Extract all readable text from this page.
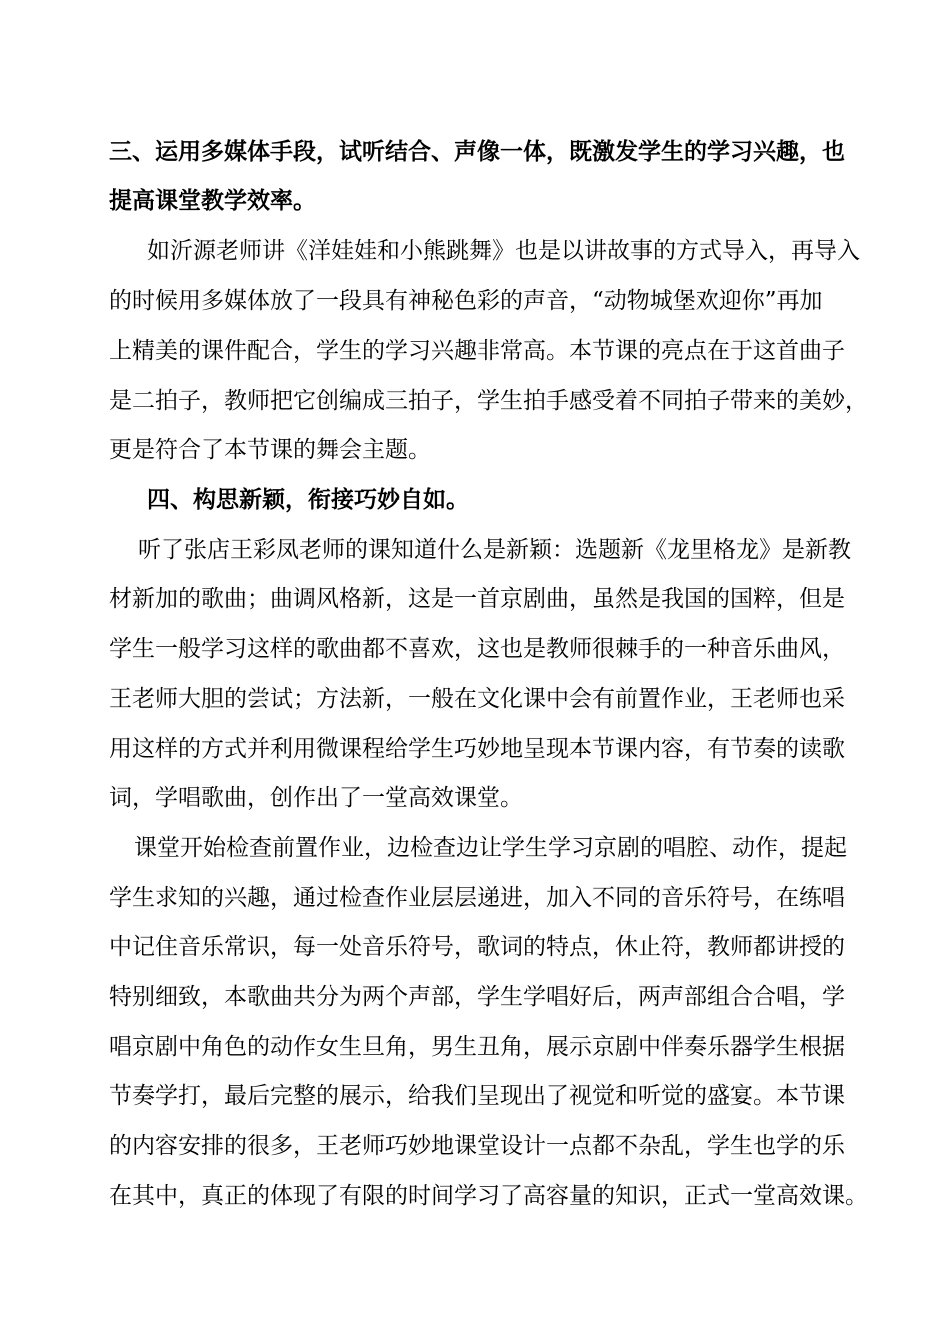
三、运用多媒体手段，试听结合、声像一体，既激发学生的学习兴趣，也
提高课堂教学效率。
如沂源老师讲《洋娃娃和小熊跳舞》也是以讲故事的方式导入，再导入
的时候用多媒体放了一段具有神秘色彩的声音，“动物城堡欢迎你”再加
上精美的课件配合，学生的学习兴趣非常高。本节课的亮点在于这首曲子
是二拍子，教师把它创编成三拍子，学生拍手感受着不同拍子带来的美妙，
更是符合了本节课的舞会主题。
四、构思新颖，衔接巧妙自如。
听了张店王彩凤老师的课知道什么是新颖：选题新《龙里格龙》是新教
材新加的歌曲；曲调风格新，这是一首京剧曲，虽然是我国的国粹，但是
学生一般学习这样的歌曲都不喜欢，这也是教师很棘手的一种音乐曲风，
王老师大胆的尝试；方法新，一般在文化课中会有前置作业，王老师也采
用这样的方式并利用微课程给学生巧妙地呈现本节课内容，有节奏的读歌
词，学唱歌曲，创作出了一堂高效课堂。
课堂开始检查前置作业，边检查边让学生学习京剧的唱腔、动作，提起
学生求知的兴趣，通过检查作业层层递进，加入不同的音乐符号，在练唱
中记住音乐常识，每一处音乐符号，歌词的特点，休止符，教师都讲授的
特别细致，本歌曲共分为两个声部，学生学唱好后，两声部组合合唱，学
唱京剧中角色的动作女生旦角，男生丑角，展示京剧中伴奏乐器学生根据
节奏学打，最后完整的展示，给我们呈现出了视觉和听觉的盛宴。本节课
的内容安排的很多，王老师巧妙地课堂设计一点都不杂乱，学生也学的乐
在其中，真正的体现了有限的时间学习了高容量的知识，正式一堂高效课。
